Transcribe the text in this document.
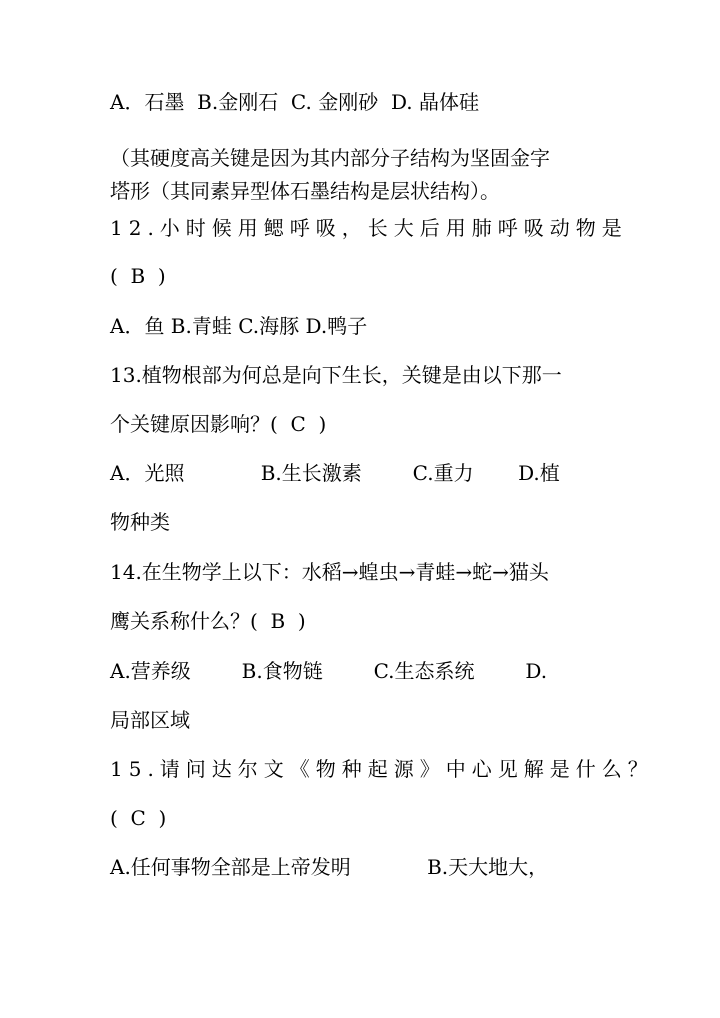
A．石墨  B.金刚石  C. 金刚砂  D. 晶体硅

（其硬度高关键是因为其内部分子结构为坚固金字

塔形（其同素异型体石墨结构是层状结构）。

12.小时候用鳃呼吸，长大后用肺呼吸动物是

(  B  )

A．鱼 B.青蛙 C.海豚 D.鸭子

13.植物根部为何总是向下生长，关键是由以下那一

个关键原因影响？(  C  )

A．光照            B.生长激素        C.重力       D.植

物种类

14.在生物学上以下：水稻→蝗虫→青蛙→蛇→猫头

鹰关系称什么？(  B  )

A.营养级        B.食物链        C.生态系统        D.

局部区域

15.请问达尔文《物种起源》中心见解是什么？

(  C  )

A.任何事物全部是上帝发明            B.天大地大，
